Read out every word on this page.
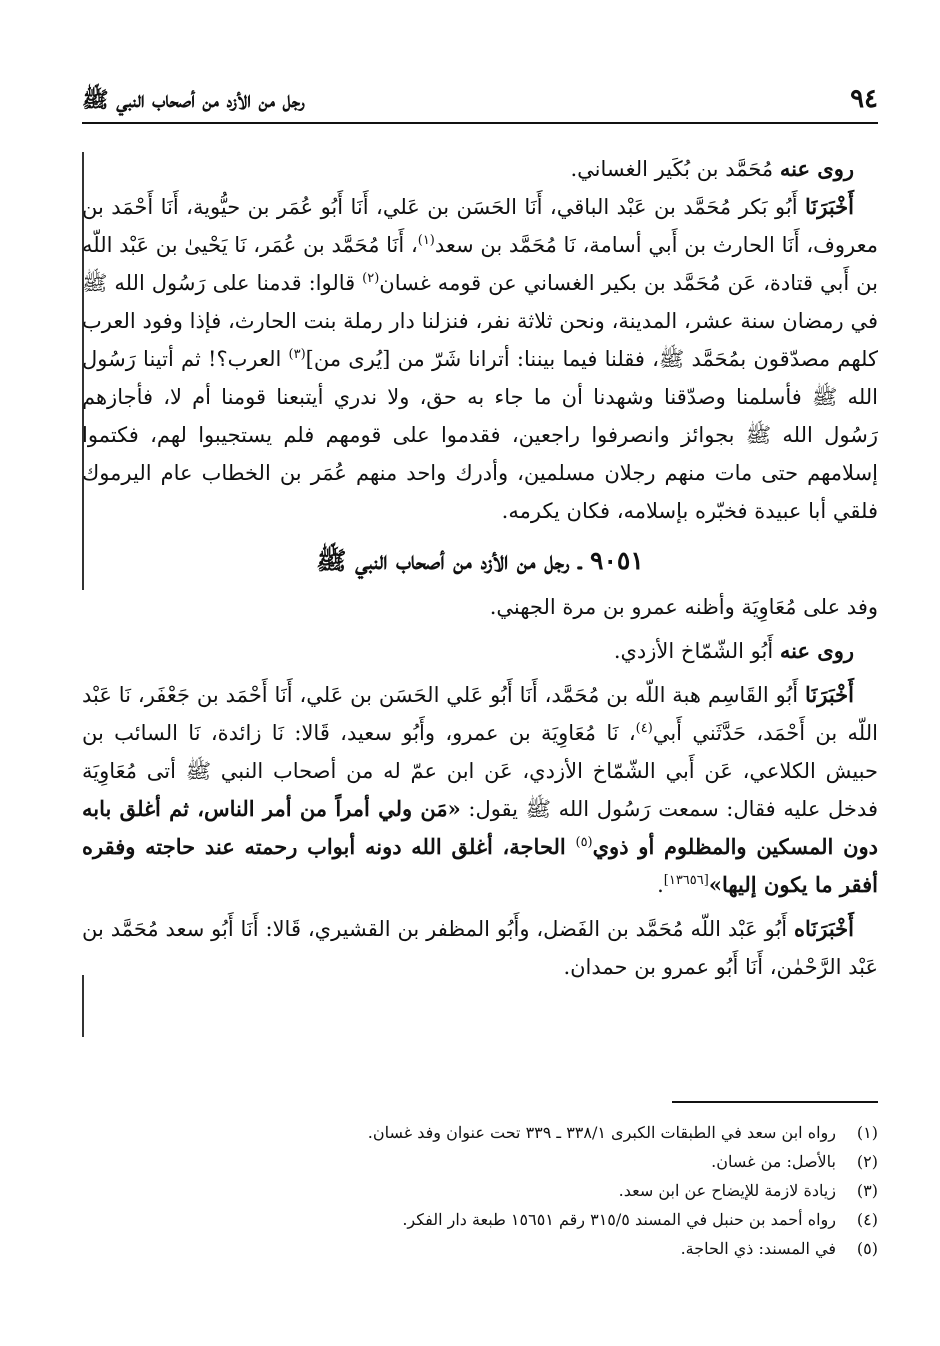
٩٤
رجل من الأزد من أصحاب النبي ﷺ

روى عنه مُحَمَّد بن بُكَير الغساني.

أَخْبَرَنَا أَبُو بَكر مُحَمَّد بن عَبْد الباقي، أَنَا الحَسَن بن عَلي، أَنَا أَبُو عُمَر بن حيُّوية، أَنَا أَحْمَد بن معروف، أَنَا الحارث بن أَبي أسامة، نَا مُحَمَّد بن سعد$^{(١)}$، أَنَا مُحَمَّد بن عُمَر، نَا يَحْيىٰ بن عَبْد اللّه بن أَبي قتادة، عَن مُحَمَّد بن بكير الغساني عن قومه غسان$^{(٢)}$ قالوا: قدمنا على رَسُول الله ﷺ في رمضان سنة عشر، المدينة، ونحن ثلاثة نفر، فنزلنا دار رملة بنت الحارث، فإذا وفود العرب كلهم مصدّقون بمُحَمَّد ﷺ، فقلنا فيما بيننا: أترانا شَرّ من [يُرى من]$^{(٣)}$ العرب؟! ثم أتينا رَسُول الله ﷺ فأسلمنا وصدّقنا وشهدنا أن ما جاء به حق، ولا ندري أيتبعنا قومنا أم لا، فأجازهم رَسُول الله ﷺ بجوائز وانصرفوا راجعين، فقدموا على قومهم فلم يستجيبوا لهم، فكتموا إسلامهم حتى مات منهم رجلان مسلمين، وأدرك واحد منهم عُمَر بن الخطاب عام اليرموك فلقي أبا عبيدة فخبّره بإسلامه، فكان يكرمه.

٩٠٥١ ـ رجل من الأزد من أصحاب النبي ﷺ

وفد على مُعَاوِيَة وأظنه عمرو بن مرة الجهني.

روى عنه أَبُو الشّمّاخ الأزدي.

أَخْبَرَنَا أَبُو القَاسِم هبة اللّه بن مُحَمَّد، أَنَا أَبُو عَلي الحَسَن بن عَلي، أَنَا أَحْمَد بن جَعْفَر، نَا عَبْد اللّه بن أَحْمَد، حَدَّثَني أَبي$^{(٤)}$، نَا مُعَاوِيَة بن عمرو، وأَبُو سعيد، قَالا: نَا زائدة، نَا السائب بن حبيش الكلاعي، عَن أَبي الشّمّاخ الأزدي، عَن ابن عمّ له من أصحاب النبي ﷺ أتى مُعَاوِيَة فدخل عليه فقال: سمعت رَسُول الله ﷺ يقول: «مَن ولي أمراً من أمر الناس، ثم أغلق بابه دون المسكين والمظلوم أو ذوي$^{(٥)}$ الحاجة، أغلق الله دونه أبواب رحمته عند حاجته وفقره أفقر ما يكون إليها»[١٣٦٥٦].

أَخْبَرَنَاه أَبُو عَبْد اللّه مُحَمَّد بن الفَضل، وأَبُو المظفر بن القشيري، قَالا: أَنَا أَبُو سعد مُحَمَّد بن عَبْد الرَّحْمٰن، أَنَا أَبُو عمرو بن حمدان.

(١)
رواه ابن سعد في الطبقات الكبرى ٣٣٨/١ ـ ٣٣٩ تحت عنوان وفد غسان.
(٢)
بالأصل: من غسان.
(٣)
زيادة لازمة للإيضاح عن ابن سعد.
(٤)
رواه أحمد بن حنبل في المسند ٣١٥/٥ رقم ١٥٦٥١ طبعة دار الفكر.
(٥)
في المسند: ذي الحاجة.
